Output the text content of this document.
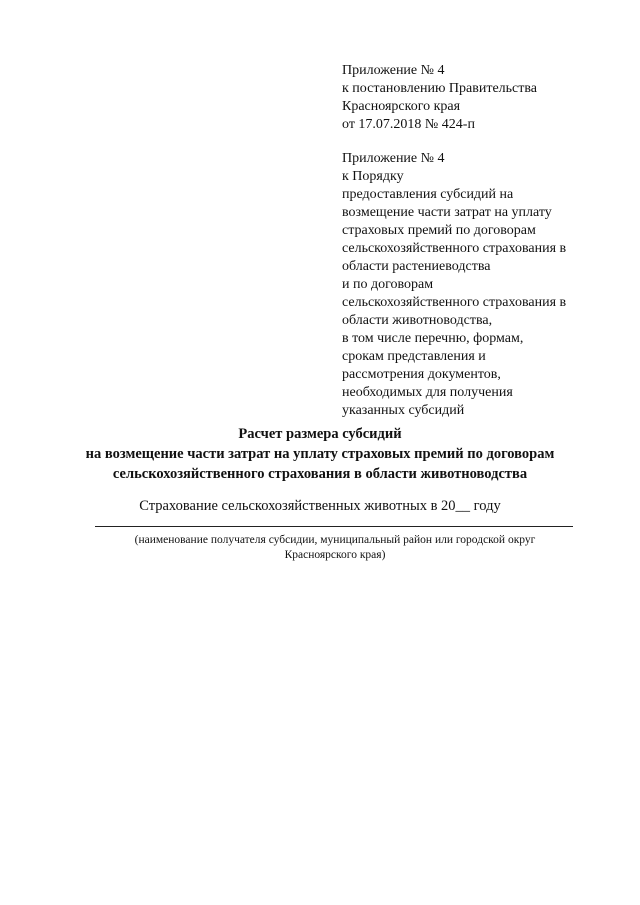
Приложение № 4
к постановлению Правительства
Красноярского края
от 17.07.2018 № 424-п
Приложение № 4
к Порядку
предоставления субсидий на
возмещение части затрат на уплату
страховых премий по договорам
сельскохозяйственного страхования в
области растениеводства
и по договорам
сельскохозяйственного страхования в
области животноводства,
в том числе перечню, формам,
срокам представления и
рассмотрения документов,
необходимых для получения
указанных субсидий
Расчет размера субсидий
на возмещение части затрат на уплату страховых премий по договорам
сельскохозяйственного страхования в области животноводства
Страхование сельскохозяйственных животных в 20__ году
(наименование получателя субсидии, муниципальный район или городской округ
Красноярского края)
